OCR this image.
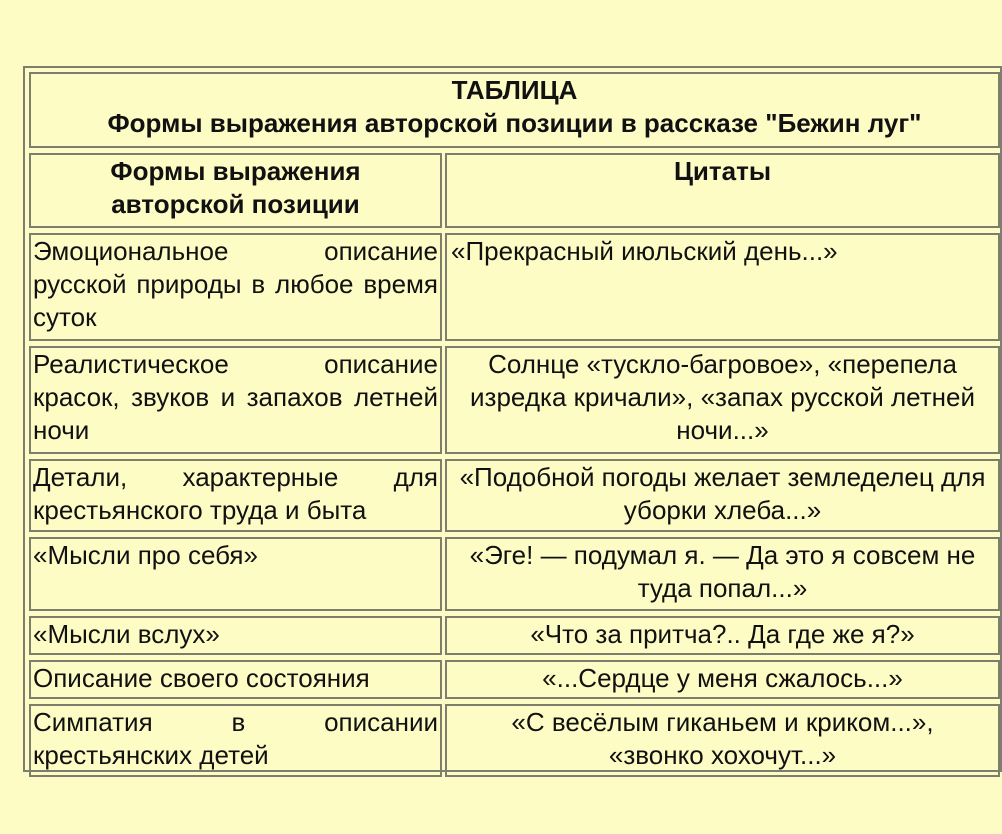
ТАБЛИЦА
Формы выражения авторской позиции в рассказе "Бежин луг"		

Формы выражения авторской позиции		Цитаты
Эмоциональное описание русской природы в любое время суток		«Прекрасный июльский день...»
Реалистическое описание красок, звуков и запахов летней ночи		Солнце «тускло-багровое», «перепела изредка кричали», «запах русской летней ночи...»
Детали, характерные для крестьянского труда и быта		«Подобной погоды желает земледелец для уборки хлеба...»
«Мысли про себя»		«Эге! — подумал я. — Да это я совсем не туда попал...»
«Мысли вслух»		«Что за притча?.. Да где же я?»
Описание своего состояния		«...Сердце у меня сжалось...»
Симпатия в описании крестьянских детей		«С весёлым гиканьем и криком...», «звонко хохочут...»
